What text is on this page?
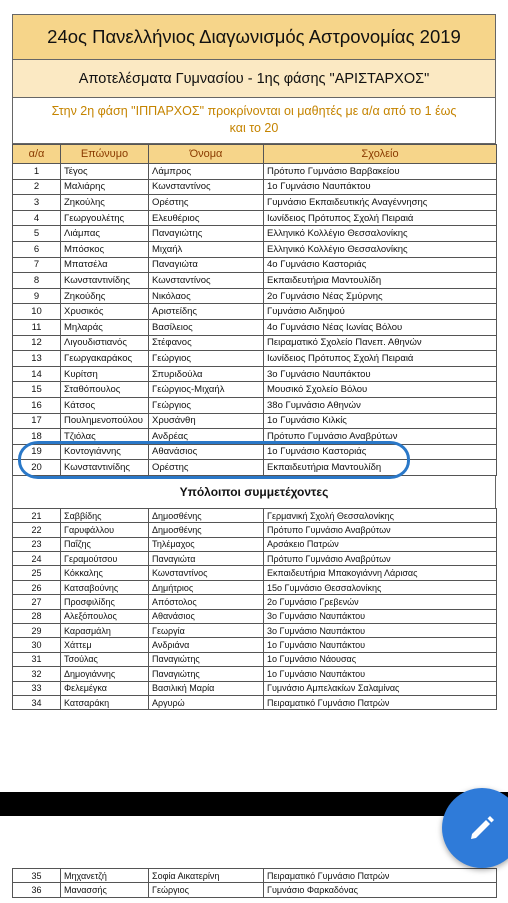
24ος Πανελλήνιος Διαγωνισμός Αστρονομίας 2019
Αποτελέσματα Γυμνασίου - 1ης φάσης "ΑΡΙΣΤΑΡΧΟΣ"
Στην 2η φάση "ΙΠΠΑΡΧΟΣ" προκρίνονται οι μαθητές με α/α από το 1 έως
και το 20
α/α	Επώνυμο	Όνομα	Σχολείο
1	Τέγος	Λάμπρος	Πρότυπο Γυμνάσιο Βαρβακείου
2	Μαλιάρης	Κωνσταντίνος	1ο Γυμνάσιο Ναυπάκτου
3	Ζηκούλης	Ορέστης	Γυμνάσιο Εκπαιδευτικής Αναγέννησης
4	Γεωργουλέτης	Ελευθέριος	Ιωνίδειος Πρότυπος Σχολή Πειραιά
5	Λιάμπας	Παναγιώτης	Ελληνικό Κολλέγιο Θεσσαλονίκης
6	Μπόσκος	Μιχαήλ	Ελληνικό Κολλέγιο Θεσσαλονίκης
7	Μπατσέλα	Παναγιώτα	4ο Γυμνάσιο Καστοριάς
8	Κωνσταντινίδης	Κωνσταντίνος	Εκπαιδευτήρια Μαντουλίδη
9	Ζηκούδης	Νικόλαος	2ο Γυμνάσιο Νέας Σμύρνης
10	Χρυσικός	Αριστείδης	Γυμνάσιο Αιδηψού
11	Μηλαράς	Βασίλειος	4ο Γυμνάσιο Νέας Ιωνίας Βόλου
12	Λιγουδιστιανός	Στέφανος	Πειραματικό Σχολείο Πανεπ. Αθηνών
13	Γεωργακαράκος	Γεώργιος	Ιωνίδειος Πρότυπος Σχολή Πειραιά
14	Κυρίτση	Σπυριδούλα	3ο Γυμνάσιο Ναυπάκτου
15	Σταθόπουλος	Γεώργιος-Μιχαήλ	Μουσικό Σχολείο Βόλου
16	Κάτσος	Γεώργιος	38ο Γυμνάσιο Αθηνών
17	Πουλημενοπούλου	Χρυσάνθη	1ο Γυμνάσιο Κιλκίς
18	Τζιόλας	Ανδρέας	Πρότυπο Γυμνάσιο Αναβρύτων
19	Κοντογιάννης	Αθανάσιος	1ο Γυμνάσιο Καστοριάς
20	Κωνσταντινίδης	Ορέστης	Εκπαιδευτήρια Μαντουλίδη
Υπόλοιποι συμμετέχοντες
21	Σαββίδης	Δημοσθένης	Γερμανική Σχολή Θεσσαλονίκης
22	Γαρυφάλλου	Δημοσθένης	Πρότυπο Γυμνάσιο Αναβρύτων
23	Παΐζης	Τηλέμαχος	Αρσάκειο Πατρών
24	Γεραμούτσου	Παναγιώτα	Πρότυπο Γυμνάσιο Αναβρύτων
25	Κόκκαλης	Κωνσταντίνος	Εκπαιδευτήρια Μπακογιάννη Λάρισας
26	Κατσαβούνης	Δημήτριος	15ο Γυμνάσιο Θεσσαλονίκης
27	Προσφιλίδης	Απόστολος	2ο Γυμνάσιο Γρεβενών
28	Αλεξόπουλος	Αθανάσιος	3ο Γυμνάσιο Ναυπάκτου
29	Καρασμάλη	Γεωργία	3ο Γυμνάσιο Ναυπάκτου
30	Χάττεμ	Ανδριάνα	1ο Γυμνάσιο Ναυπάκτου
31	Τσούλας	Παναγιώτης	1ο Γυμνάσιο Νάουσας
32	Δημογιάννης	Παναγιώτης	1ο Γυμνάσιο Ναυπάκτου
33	Φελεμέγκα	Βασιλική Μαρία	Γυμνάσιο Αμπελακίων Σαλαμίνας
34	Κατσαράκη	Αργυρώ	Πειραματικό Γυμνάσιο Πατρών
35	Μηχανετζή	Σοφία Αικατερίνη	Πειραματικό Γυμνάσιο Πατρών
36	Μανασσής	Γεώργιος	Γυμνάσιο Φαρκαδόνας
